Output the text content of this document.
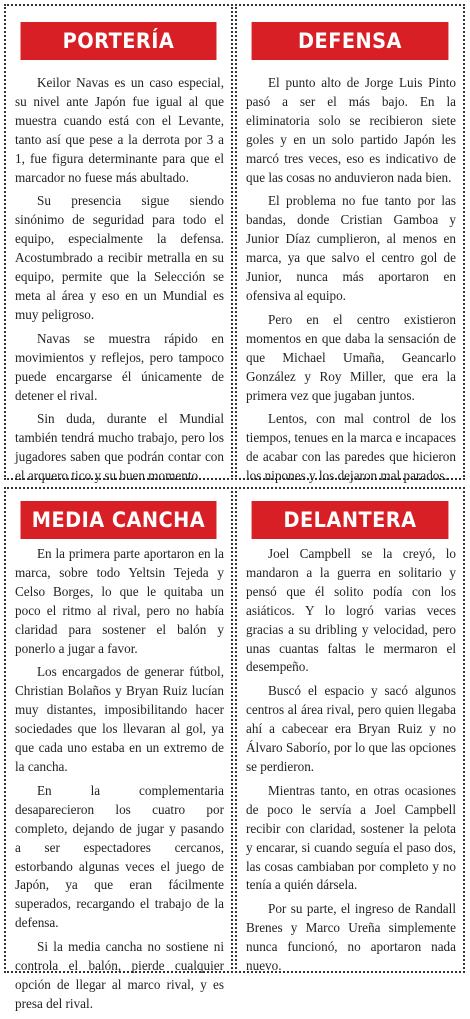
PORTERÍA

Keilor Navas es un caso especial, su nivel ante Japón fue igual al que muestra cuando está con el Levante, tanto así que pese a la derrota por 3 a 1, fue figura determinante para que el marcador no fuese más abultado.

Su presencia sigue siendo sinónimo de seguridad para todo el equipo, especialmente la defensa. Acostumbrado a recibir metralla en su equipo, permite que la Selección se meta al área y eso en un Mundial es muy peligroso.

Navas se muestra rápido en movimientos y reflejos, pero tampoco puede encargarse él únicamente de detener el rival.

Sin duda, durante el Mundial también tendrá mucho trabajo, pero los jugadores saben que podrán contar con el arquero tico y su buen momento.

DEFENSA

El punto alto de Jorge Luis Pinto pasó a ser el más bajo. En la eliminatoria solo se recibieron siete goles y en un solo partido Japón les marcó tres veces, eso es indicativo de que las cosas no anduvieron nada bien.

El problema no fue tanto por las bandas, donde Cristian Gamboa y Junior Díaz cumplieron, al menos en marca, ya que salvo el centro gol de Junior, nunca más aportaron en ofensiva al equipo.

Pero en el centro existieron momentos en que daba la sensación de que Michael Umaña, Geancarlo González y Roy Miller, que era la primera vez que jugaban juntos.

Lentos, con mal control de los tiempos, tenues en la marca e incapaces de acabar con las paredes que hicieron los nipones y los dejaron mal parados.

MEDIA CANCHA

En la primera parte aportaron en la marca, sobre todo Yeltsin Tejeda y Celso Borges, lo que le quitaba un poco el ritmo al rival, pero no había claridad para sostener el balón y ponerlo a jugar a favor.

Los encargados de generar fútbol, Christian Bolaños y Bryan Ruiz lucían muy distantes, imposibilitando hacer sociedades que los llevaran al gol, ya que cada uno estaba en un extremo de la cancha.

En la complementaria desaparecieron los cuatro por completo, dejando de jugar y pasando a ser espectadores cercanos, estorbando algunas veces el juego de Japón, ya que eran fácilmente superados, recargando el trabajo de la defensa.

Si la media cancha no sostiene ni controla el balón, pierde cualquier opción de llegar al marco rival, y es presa del rival.

DELANTERA

Joel Campbell se la creyó, lo mandaron a la guerra en solitario y pensó que él solito podía con los asiáticos. Y lo logró varias veces gracias a su dribling y velocidad, pero unas cuantas faltas le mermaron el desempeño.

Buscó el espacio y sacó algunos centros al área rival, pero quien llegaba ahí a cabecear era Bryan Ruiz y no Álvaro Saborío, por lo que las opciones se perdieron.

Mientras tanto, en otras ocasiones de poco le servía a Joel Campbell recibir con claridad, sostener la pelota y encarar, si cuando seguía el paso dos, las cosas cambiaban por completo y no tenía a quién dársela.

Por su parte, el ingreso de Randall Brenes y Marco Ureña simplemente nunca funcionó, no aportaron nada nuevo.
